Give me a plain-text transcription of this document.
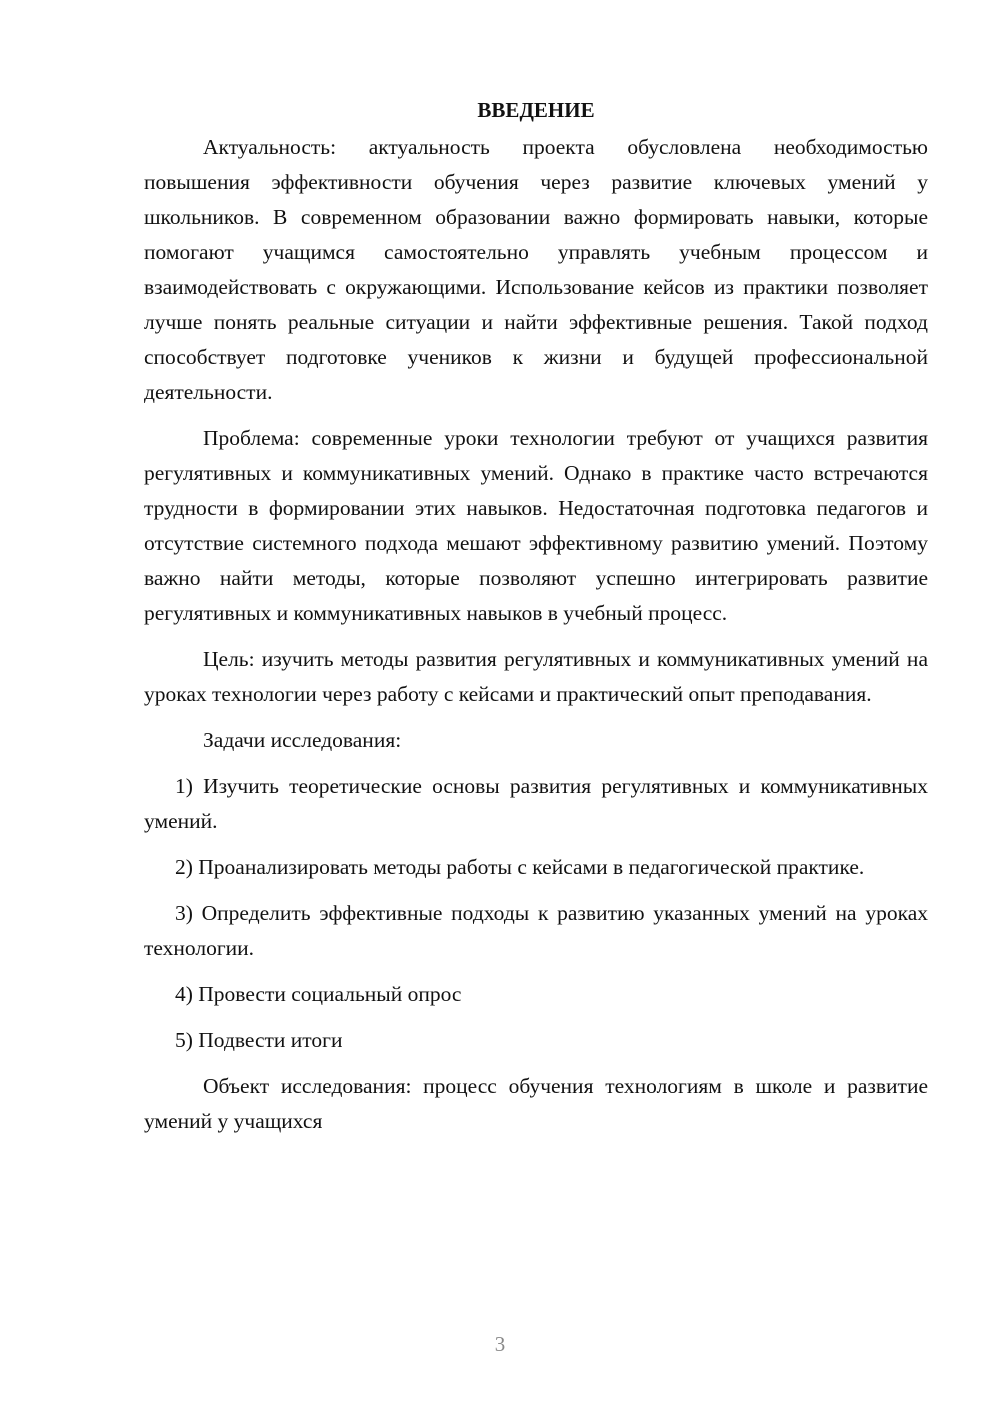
ВВЕДЕНИЕ

Актуальность: актуальность проекта обусловлена необходимостью повышения эффективности обучения через развитие ключевых умений у школьников. В современном образовании важно формировать навыки, которые помогают учащимся самостоятельно управлять учебным процессом и взаимодействовать с окружающими. Использование кейсов из практики позволяет лучше понять реальные ситуации и найти эффективные решения. Такой подход способствует подготовке учеников к жизни и будущей профессиональной деятельности.

Проблема: современные уроки технологии требуют от учащихся развития регулятивных и коммуникативных умений. Однако в практике часто встречаются трудности в формировании этих навыков. Недостаточная подготовка педагогов и отсутствие системного подхода мешают эффективному развитию умений. Поэтому важно найти методы, которые позволяют успешно интегрировать развитие регулятивных и коммуникативных навыков в учебный процесс.

Цель: изучить методы развития регулятивных и коммуникативных умений на уроках технологии через работу с кейсами и практический опыт преподавания.

Задачи исследования:

1) Изучить теоретические основы развития регулятивных и коммуникативных умений.

2) Проанализировать методы работы с кейсами в педагогической практике.

3) Определить эффективные подходы к развитию указанных умений на уроках технологии.

4) Провести социальный опрос

5) Подвести итоги

Объект исследования: процесс обучения технологиям в школе и развитие умений у учащихся

3
